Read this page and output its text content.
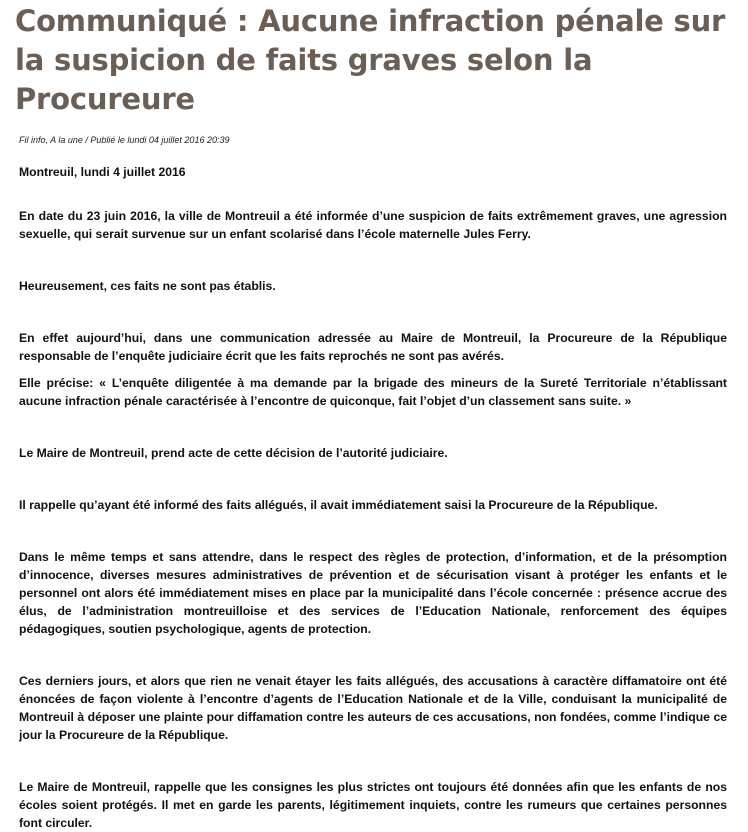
Communiqué : Aucune infraction pénale sur la suspicion de faits graves selon la Procureure
Fil info, A la une / Publié le lundi 04 juillet 2016 20:39

Montreuil, lundi 4 juillet 2016

En date du 23 juin 2016, la ville de Montreuil a été informée d’une suspicion de faits extrêmement graves, une agression sexuelle, qui serait survenue sur un enfant scolarisé dans l’école maternelle Jules Ferry.

Heureusement, ces faits ne sont pas établis.

En effet aujourd’hui, dans une communication adressée au Maire de Montreuil, la Procureure de la République responsable de l’enquête judiciaire écrit que les faits reprochés ne sont pas avérés.

Elle précise: « L’enquête diligentée à ma demande par la brigade des mineurs de la Sureté Territoriale n’établissant aucune infraction pénale caractérisée à l’encontre de quiconque, fait l’objet d’un classement sans suite. »

Le Maire de Montreuil, prend acte de cette décision de l’autorité judiciaire.

Il rappelle qu’ayant été informé des faits allégués, il avait immédiatement saisi la Procureure de la République.

Dans le même temps et sans attendre, dans le respect des règles de protection, d’information, et de la présomption d’innocence, diverses mesures administratives de prévention et de sécurisation visant à protéger les enfants et le personnel ont alors été immédiatement mises en place par la municipalité dans l’école concernée : présence accrue des élus, de l’administration montreuilloise et des services de l’Education Nationale, renforcement des équipes pédagogiques, soutien psychologique, agents de protection.

Ces derniers jours, et alors que rien ne venait étayer les faits allégués, des accusations à caractère diffamatoire ont été énoncées de façon violente à l’encontre d’agents de l’Education Nationale et de la Ville, conduisant la municipalité de Montreuil à déposer une plainte pour diffamation contre les auteurs de ces accusations, non fondées, comme l’indique ce jour la Procureure de la République.

Le Maire de Montreuil, rappelle que les consignes les plus strictes ont toujours été données afin que les enfants de nos écoles soient protégés. Il met en garde les parents, légitimement inquiets, contre les rumeurs que certaines personnes font circuler.
